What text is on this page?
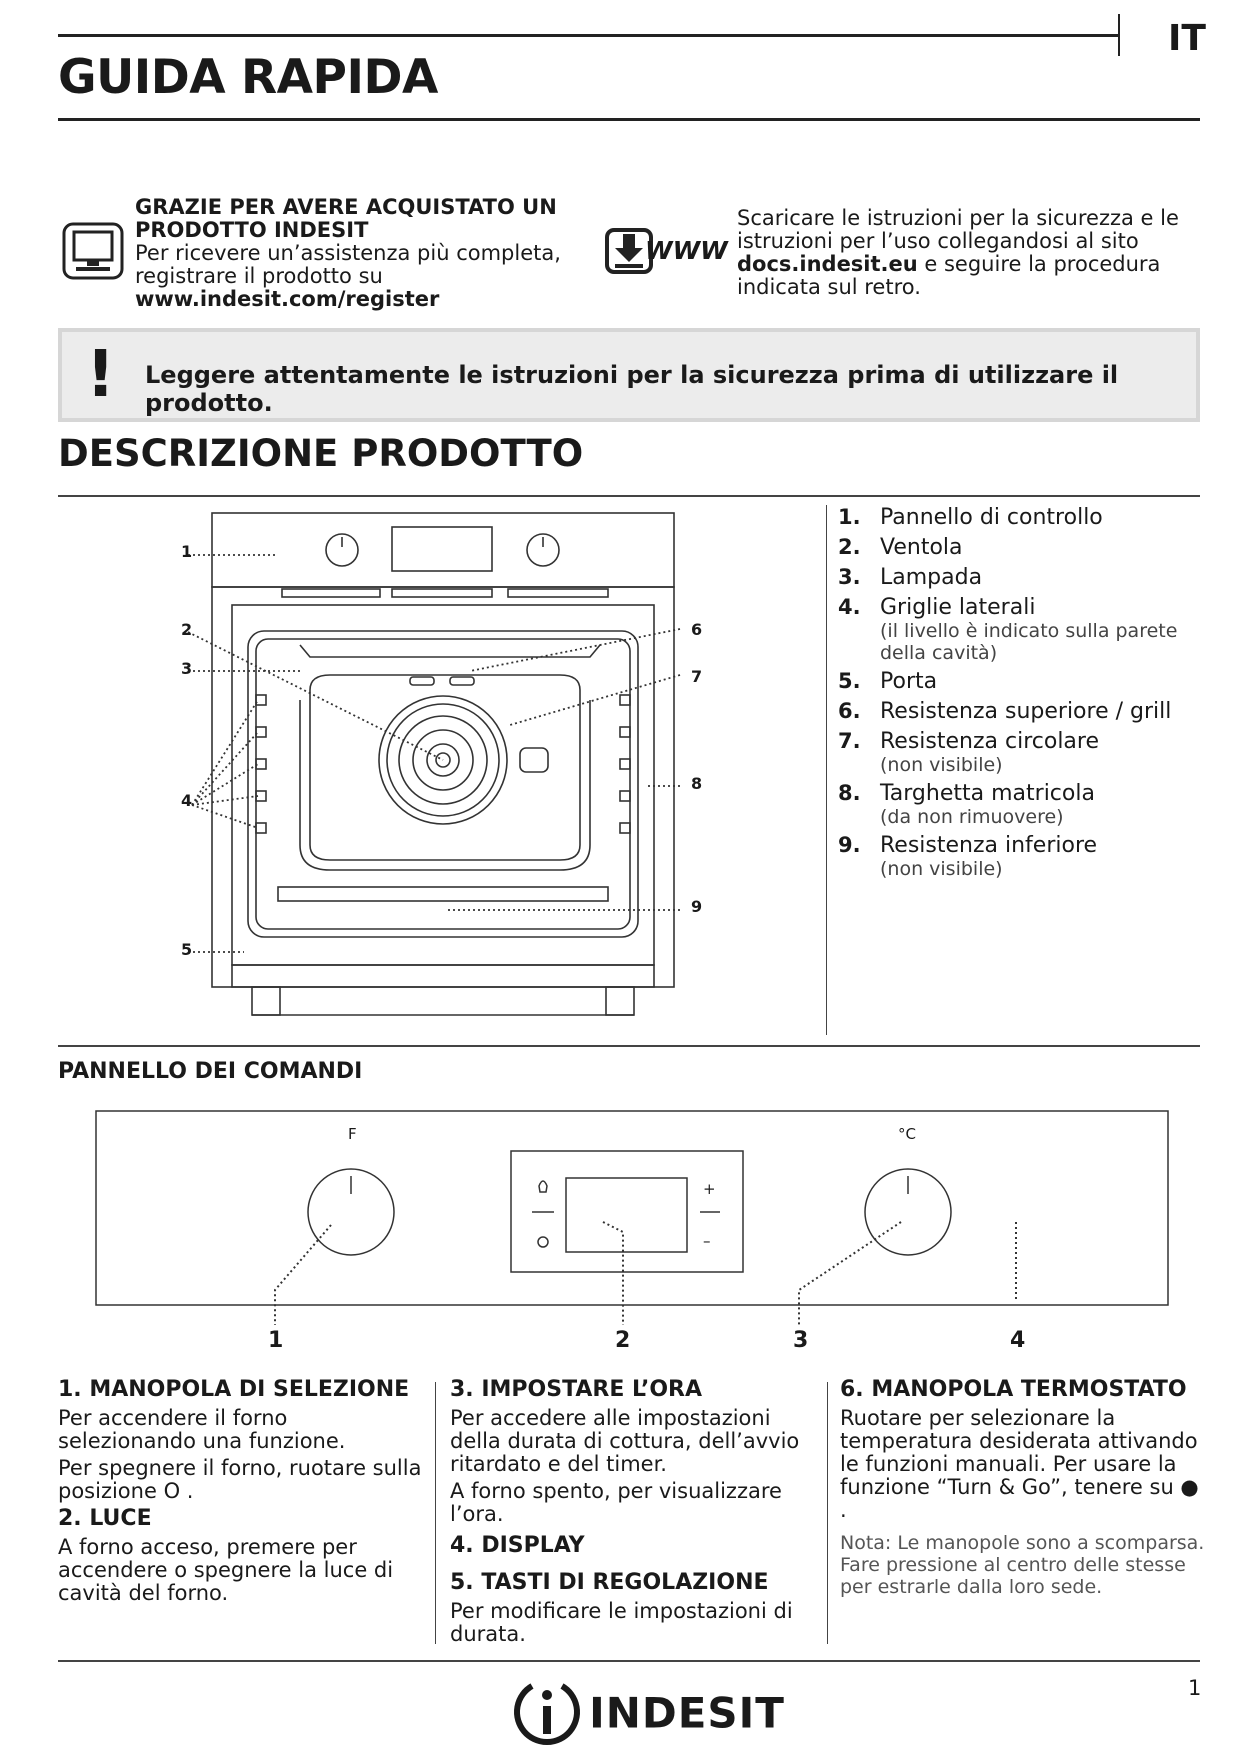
IT
GUIDA RAPIDA
GRAZIE PER AVERE ACQUISTATO UN
PRODOTTO INDESIT
Per ricevere un’assistenza più completa,
registrare il prodotto su
www.indesit.com/register
WWW
Scaricare le istruzioni per la sicurezza e le
istruzioni per l’uso collegandosi al sito
docs.indesit.eu e seguire la procedura
indicata sul retro.
! Leggere attentamente le istruzioni per la sicurezza prima di utilizzare il prodotto.
DESCRIZIONE PRODOTTO
1
2
3
4
5
6
7
8
9
1. Pannello di controllo
2. Ventola
3. Lampada
4. Griglie laterali
(il livello è indicato sulla parete della cavità)
5. Porta
6. Resistenza superiore / grill
7. Resistenza circolare
(non visibile)
8. Targhetta matricola
(da non rimuovere)
9. Resistenza inferiore
(non visibile)
PANNELLO DEI COMANDI
F	°C
+
–
1	2	3	4
1. MANOPOLA DI SELEZIONE

Per accendere il forno selezionando una funzione.

Per spegnere il forno, ruotare sulla posizione O .

2. LUCE

A forno acceso, premere per accendere o spegnere la luce di cavità del forno.

3. IMPOSTARE L’ORA

Per accedere alle impostazioni della durata di cottura, dell’avvio ritardato e del timer.

A forno spento, per visualizzare l’ora.

4. DISPLAY
5. TASTI DI REGOLAZIONE

Per modificare le impostazioni di durata.

6. MANOPOLA TERMOSTATO

Ruotare per selezionare la temperatura desiderata attivando le funzioni manuali. Per usare la funzione “Turn & Go”, tenere su ● .

Nota: Le manopole sono a scomparsa. Fare pressione al centro delle stesse per estrarle dalla loro sede.
INDESIT
1
